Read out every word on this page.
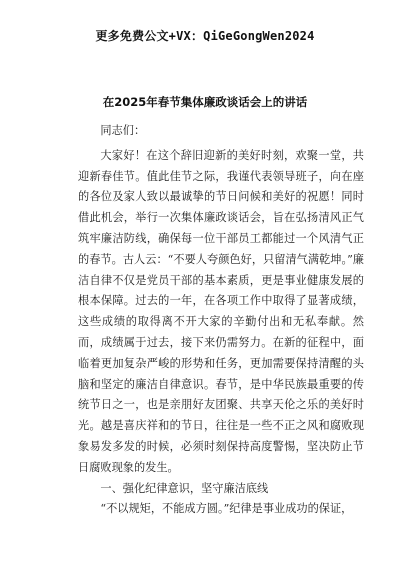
更多免费公文+VX：QiGeGongWen2024
在2025年春节集体廉政谈话会上的讲话

同志们：

大家好！在这个辞旧迎新的美好时刻，欢聚一堂，共迎新春佳节。值此佳节之际，我谨代表领导班子，向在座的各位及家人致以最诚挚的节日问候和美好的祝愿！同时借此机会，举行一次集体廉政谈话会，旨在弘扬清风正气筑牢廉洁防线，确保每一位干部员工都能过一个风清气正的春节。古人云：“不要人夸颜色好，只留清气满乾坤。”廉洁自律不仅是党员干部的基本素质，更是事业健康发展的根本保障。过去的一年，在各项工作中取得了显著成绩，这些成绩的取得离不开大家的辛勤付出和无私奉献。然而，成绩属于过去，接下来仍需努力。在新的征程中，面临着更加复杂严峻的形势和任务，更加需要保持清醒的头脑和坚定的廉洁自律意识。春节，是中华民族最重要的传统节日之一，也是亲朋好友团聚、共享天伦之乐的美好时光。越是喜庆祥和的节日，往往是一些不正之风和腐败现象易发多发的时候，必须时刻保持高度警惕，坚决防止节日腐败现象的发生。

一、强化纪律意识，坚守廉洁底线

“不以规矩，不能成方圆。”纪律是事业成功的保证，
